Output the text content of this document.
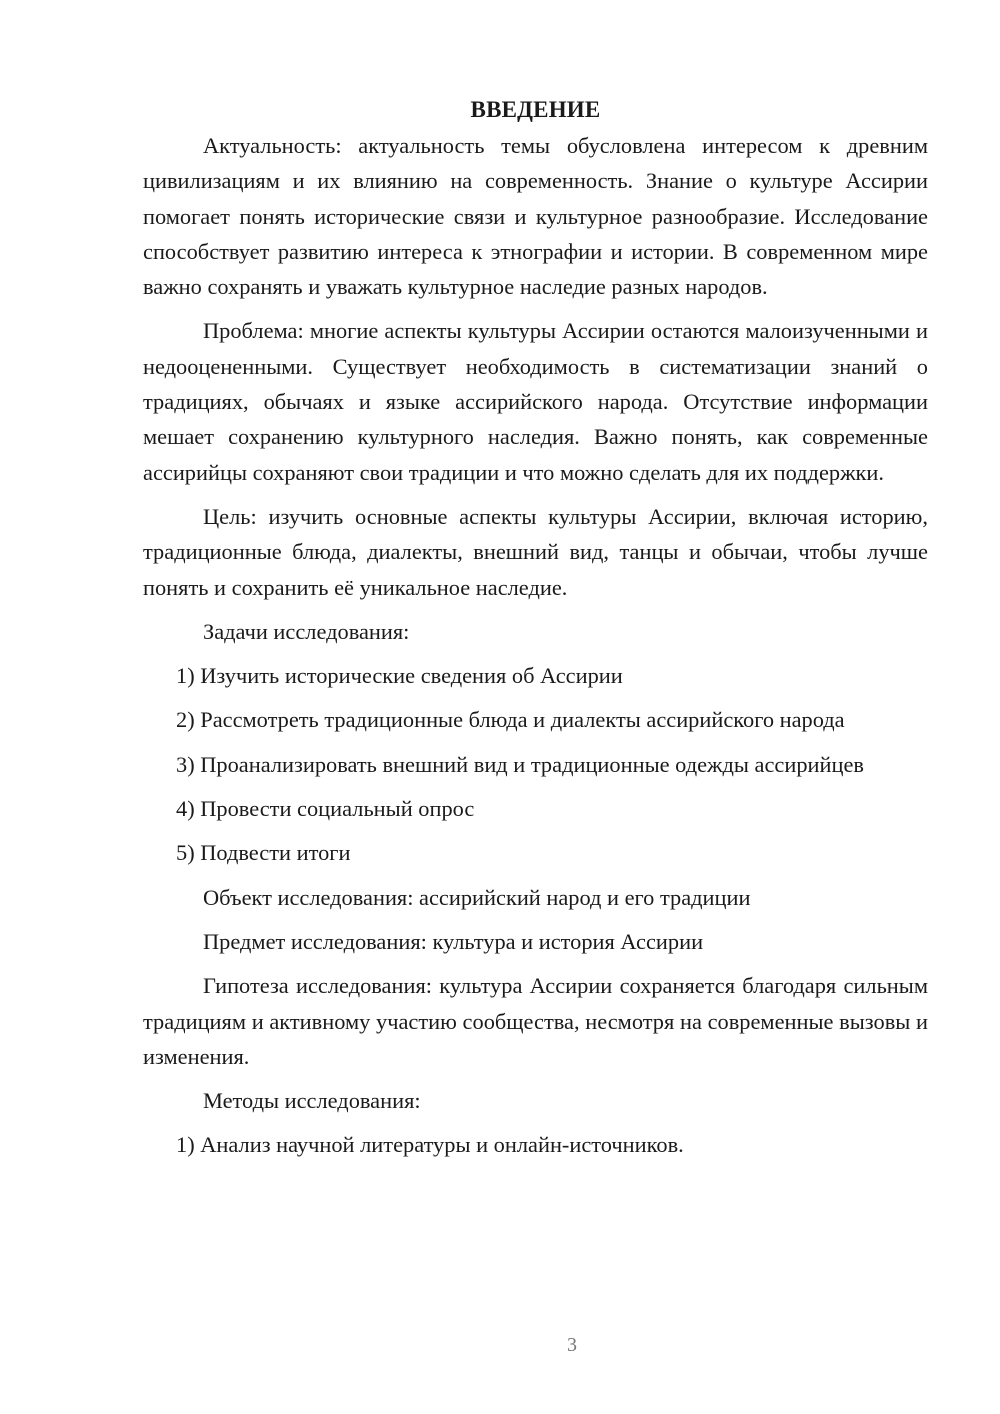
ВВЕДЕНИЕ

Актуальность: актуальность темы обусловлена интересом к древним цивилизациям и их влиянию на современность. Знание о культуре Ассирии помогает понять исторические связи и культурное разнообразие. Исследование способствует развитию интереса к этнографии и истории. В современном мире важно сохранять и уважать культурное наследие разных народов.

Проблема: многие аспекты культуры Ассирии остаются малоизученными и недооцененными. Существует необходимость в систематизации знаний о традициях, обычаях и языке ассирийского народа. Отсутствие информации мешает сохранению культурного наследия. Важно понять, как современные ассирийцы сохраняют свои традиции и что можно сделать для их поддержки.

Цель: изучить основные аспекты культуры Ассирии, включая историю, традиционные блюда, диалекты, внешний вид, танцы и обычаи, чтобы лучше понять и сохранить её уникальное наследие.

Задачи исследования:

1) Изучить исторические сведения об Ассирии

2) Рассмотреть традиционные блюда и диалекты ассирийского народа

3) Проанализировать внешний вид и традиционные одежды ассирийцев

4) Провести социальный опрос

5) Подвести итоги

Объект исследования: ассирийский народ и его традиции

Предмет исследования: культура и история Ассирии

Гипотеза исследования: культура Ассирии сохраняется благодаря сильным традициям и активному участию сообщества, несмотря на современные вызовы и изменения.

Методы исследования:

1) Анализ научной литературы и онлайн-источников.

3
